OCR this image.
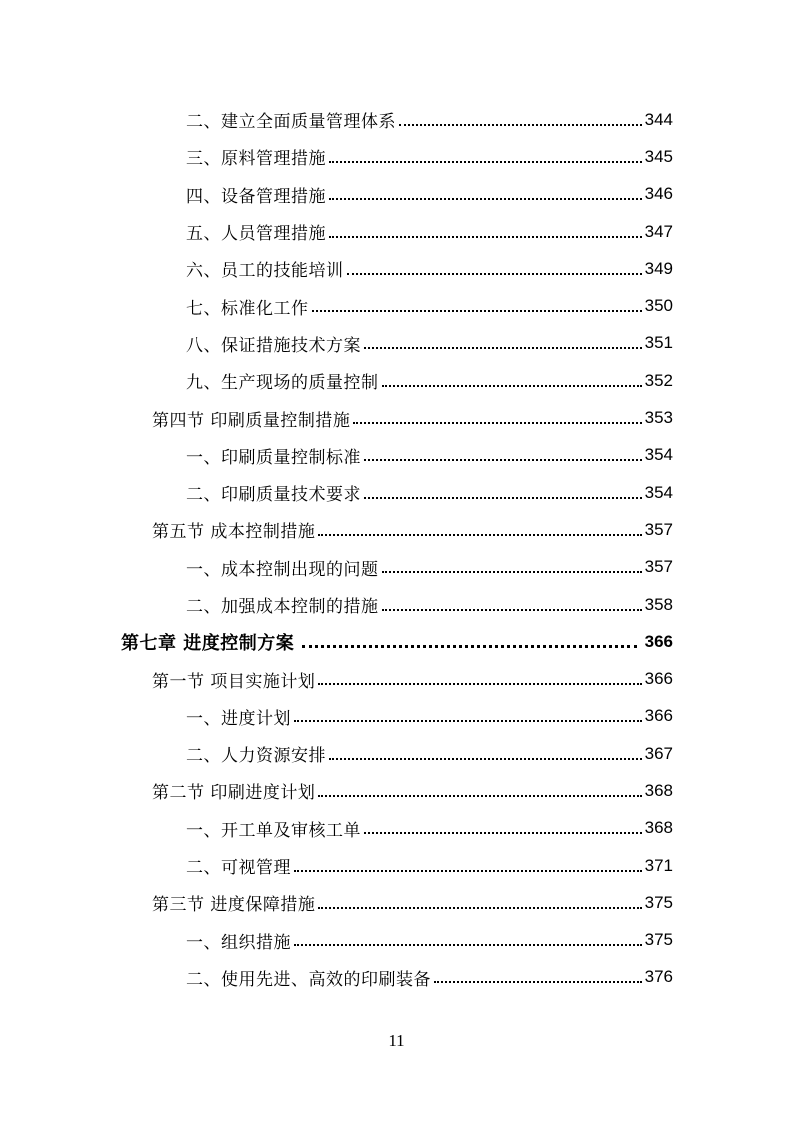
二、建立全面质量管理体系	344
三、原料管理措施	345
四、设备管理措施	346
五、人员管理措施	347
六、员工的技能培训	349
七、标准化工作	350
八、保证措施技术方案	351
九、生产现场的质量控制	352
第四节 印刷质量控制措施	353
一、印刷质量控制标准	354
二、印刷质量技术要求	354
第五节 成本控制措施	357
一、成本控制出现的问题	357
二、加强成本控制的措施	358
第七章 进度控制方案	366
第一节 项目实施计划	366
一、进度计划	366
二、人力资源安排	367
第二节 印刷进度计划	368
一、开工单及审核工单	368
二、可视管理	371
第三节 进度保障措施	375
一、组织措施	375
二、使用先进、高效的印刷装备	376
11
